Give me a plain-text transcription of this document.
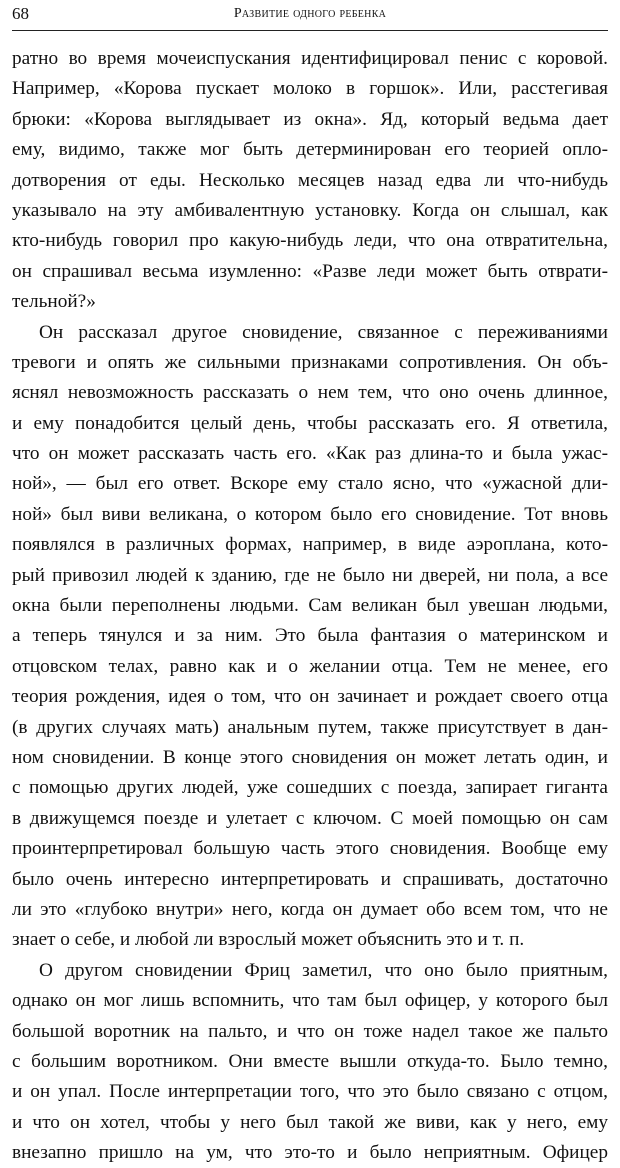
68	Развитие одного ребенка
ратно во время мочеиспускания идентифицировал пенис с коровой.
Например, «Корова пускает молоко в горшок». Или, расстегивая
брюки: «Корова выглядывает из окна». Яд, который ведьма дает
ему, видимо, также мог быть детерминирован его теорией опло-
дотворения от еды. Несколько месяцев назад едва ли что-нибудь
указывало на эту амбивалентную установку. Когда он слышал, как
кто-нибудь говорил про какую-нибудь леди, что она отвратительна,
он спрашивал весьма изумленно: «Разве леди может быть отврати-
тельной?»
Он рассказал другое сновидение, связанное с переживаниями
тревоги и опять же сильными признаками сопротивления. Он объ-
яснял невозможность рассказать о нем тем, что оно очень длинное,
и ему понадобится целый день, чтобы рассказать его. Я ответила,
что он может рассказать часть его. «Как раз длина-то и была ужас-
ной», — был его ответ. Вскоре ему стало ясно, что «ужасной дли-
ной» был виви великана, о котором было его сновидение. Тот вновь
появлялся в различных формах, например, в виде аэроплана, кото-
рый привозил людей к зданию, где не было ни дверей, ни пола, а все
окна были переполнены людьми. Сам великан был увешан людьми,
а теперь тянулся и за ним. Это была фантазия о материнском и
отцовском телах, равно как и о желании отца. Тем не менее, его
теория рождения, идея о том, что он зачинает и рождает своего отца
(в других случаях мать) анальным путем, также присутствует в дан-
ном сновидении. В конце этого сновидения он может летать один, и
с помощью других людей, уже сошедших с поезда, запирает гиганта
в движущемся поезде и улетает с ключом. С моей помощью он сам
проинтерпретировал большую часть этого сновидения. Вообще ему
было очень интересно интерпретировать и спрашивать, достаточно
ли это «глубоко внутри» него, когда он думает обо всем том, что не
знает о себе, и любой ли взрослый может объяснить это и т. п.
О другом сновидении Фриц заметил, что оно было приятным,
однако он мог лишь вспомнить, что там был офицер, у которого был
большой воротник на пальто, и что он тоже надел такое же пальто
с большим воротником. Они вместе вышли откуда-то. Было темно,
и он упал. После интерпретации того, что это было связано с отцом,
и что он хотел, чтобы у него был такой же виви, как у него, ему
внезапно пришло на ум, что это-то и было неприятным. Офицер
